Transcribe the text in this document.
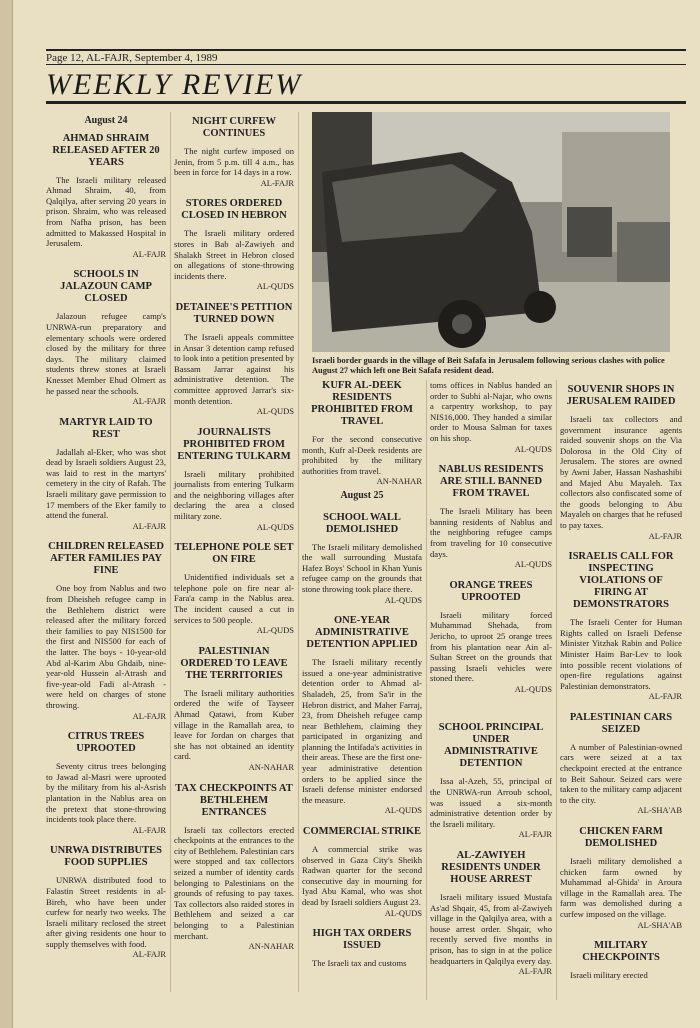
Page 12, AL-FAJR, September 4, 1989
WEEKLY REVIEW
August 24
AHMAD SHRAIM RELEASED AFTER 20 YEARS

The Israeli military released Ahmad Shraim, 40, from Qalqilya, after serving 20 years in prison. Shraim, who was released from Nafha prison, has been admitted to Makassed Hospital in Jerusalem.

AL-FAJR

SCHOOLS IN JALAZOUN CAMP CLOSED

Jalazoun refugee camp's UNRWA-run preparatory and elementary schools were ordered closed by the military for three days. The military claimed students threw stones at Israeli Knesset Member Ehud Olmert as he passed near the schools.

AL-FAJR

MARTYR LAID TO REST

Jadallah al-Eker, who was shot dead by Israeli soldiers August 23, was laid to rest in the martyrs' cemetery in the city of Rafah. The Israeli military gave permission to 17 members of the Eker family to attend the funeral.

AL-FAJR

CHILDREN RELEASED AFTER FAMILIES PAY FINE

One boy from Nablus and two from Dheisheh refugee camp in the Bethlehem district were released after the military forced their families to pay NIS1500 for the first and NIS500 for each of the latter. The boys - 10-year-old Abd al-Karim Abu Ghdaib, nine-year-old Hussein al-Atrash and five-year-old Fadi al-Atrash - were held on charges of stone throwing.

AL-FAJR

CITRUS TREES UPROOTED

Seventy citrus trees belonging to Jawad al-Masri were uprooted by the military from his al-Asrish plantation in the Nablus area on the pretext that stone-throwing incidents took place there.

AL-FAJR

UNRWA DISTRIBUTES FOOD SUPPLIES

UNRWA distributed food to Falastin Street residents in al-Bireh, who have been under curfew for nearly two weeks. The Israeli military reclosed the street after giving residents one hour to supply themselves with food.

AL-FAJR

NIGHT CURFEW CONTINUES

The night curfew imposed on Jenin, from 5 p.m. till 4 a.m., has been in force for 14 days in a row.

AL-FAJR

STORES ORDERED CLOSED IN HEBRON

The Israeli military ordered stores in Bab al-Zawiyeh and Shalakh Street in Hebron closed on allegations of stone-throwing incidents there.

AL-QUDS

DETAINEE'S PETITION TURNED DOWN

The Israeli appeals committee in Ansar 3 detention camp refused to look into a petition presented by Bassam Jarrar against his administrative detention. The committee approved Jarrar's six-month detention.

AL-QUDS

JOURNALISTS PROHIBITED FROM ENTERING TULKARM

Israeli military prohibited journalists from entering Tulkarm and the neighboring villages after declaring the area a closed military zone.

AL-QUDS

TELEPHONE POLE SET ON FIRE

Unidentified individuals set a telephone pole on fire near al-Fara'a camp in the Nablus area. The incident caused a cut in services to 500 people.

AL-QUDS

PALESTINIAN ORDERED TO LEAVE THE TERRITORIES

The Israeli military authorities ordered the wife of Tayseer Ahmad Qatawi, from Kuber village in the Ramallah area, to leave for Jordan on charges that she has not obtained an identity card.

AN-NAHAR

TAX CHECKPOINTS AT BETHLEHEM ENTRANCES

Israeli tax collectors erected checkpoints at the entrances to the city of Bethlehem. Palestinian cars were stopped and tax collectors seized a number of identity cards belonging to Palestinians on the grounds of refusing to pay taxes. Tax collectors also raided stores in Bethlehem and seized a car belonging to a Palestinian merchant.

AN-NAHAR

Israeli border guards in the village of Beit Safafa in Jerusalem following serious clashes with police August 27 which left one Beit Safafa resident dead.
KUFR AL-DEEK RESIDENTS PROHIBITED FROM TRAVEL

For the second consecutive month, Kufr al-Deek residents are prohibited by the military authorities from travel.

AN-NAHAR

August 25
SCHOOL WALL DEMOLISHED

The Israeli military demolished the wall surrounding Mustafa Hafez Boys' School in Khan Yunis refugee camp on the grounds that stone throwing took place there.

AL-QUDS

ONE-YEAR ADMINISTRATIVE DETENTION APPLIED

The Israeli military recently issued a one-year administrative detention order to Ahmad al-Shaladeh, 25, from Sa'ir in the Hebron district, and Maher Farraj, 23, from Dheisheh refugee camp near Bethlehem, claiming they participated in organizing and planning the Intifada's activities in their areas. These are the first one-year administrative detention orders to be applied since the Israeli defense minister endorsed the measure.

AL-QUDS

COMMERCIAL STRIKE

A commercial strike was observed in Gaza City's Sheikh Radwan quarter for the second consecutive day in mourning for Iyad Abu Kamal, who was shot dead by Israeli soldiers August 23.

AL-QUDS

HIGH TAX ORDERS ISSUED

The Israeli tax and customs

toms offices in Nablus handed an order to Subhi al-Najar, who owns a carpentry workshop, to pay NIS16,000. They handed a similar order to Mousa Salman for taxes on his shop.

AL-QUDS

NABLUS RESIDENTS ARE STILL BANNED FROM TRAVEL

The Israeli Military has been banning residents of Nablus and the neighboring refugee camps from traveling for 10 consecutive days.

AL-QUDS

ORANGE TREES UPROOTED

Israeli military forced Muhammad Shehada, from Jericho, to uproot 25 orange trees from his plantation near Ain al-Sultan Street on the grounds that passing Israeli vehicles were stoned there.

AL-QUDS

SCHOOL PRINCIPAL UNDER ADMINISTRATIVE DETENTION

Issa al-Azeh, 55, principal of the UNRWA-run Arroub school, was issued a six-month administrative detention order by the Israeli military.

AL-FAJR

AL-ZAWIYEH RESIDENTS UNDER HOUSE ARREST

Israeli military issued Mustafa As'ad Shqair, 45, from al-Zawiyeh village in the Qalqilya area, with a house arrest order. Shqair, who recently served five months in prison, has to sign in at the police headquarters in Qalqilya every day.

AL-FAJR

SOUVENIR SHOPS IN JERUSALEM RAIDED

Israeli tax collectors and government insurance agents raided souvenir shops on the Via Dolorosa in the Old City of Jerusalem. The stores are owned by Awni Jaber, Hassan Nashashibi and Majed Abu Mayaleh. Tax collectors also confiscated some of the goods belonging to Abu Mayaleh on charges that he refused to pay taxes.

AL-FAJR

ISRAELIS CALL FOR INSPECTING VIOLATIONS OF FIRING AT DEMONSTRATORS

The Israeli Center for Human Rights called on Israeli Defense Minister Yitzhak Rabin and Police Minister Haim Bar-Lev to look into possible recent violations of open-fire regulations against Palestinian demonstrators.

AL-FAJR

PALESTINIAN CARS SEIZED

A number of Palestinian-owned cars were seized at a tax checkpoint erected at the entrance to Beit Sahour. Seized cars were taken to the military camp adjacent to the city.

AL-SHA'AB

CHICKEN FARM DEMOLISHED

Israeli military demolished a chicken farm owned by Muhammad al-Ghida' in Aroura village in the Ramallah area. The farm was demolished during a curfew imposed on the village.

AL-SHA'AB

MILITARY CHECKPOINTS

Israeli military erected
